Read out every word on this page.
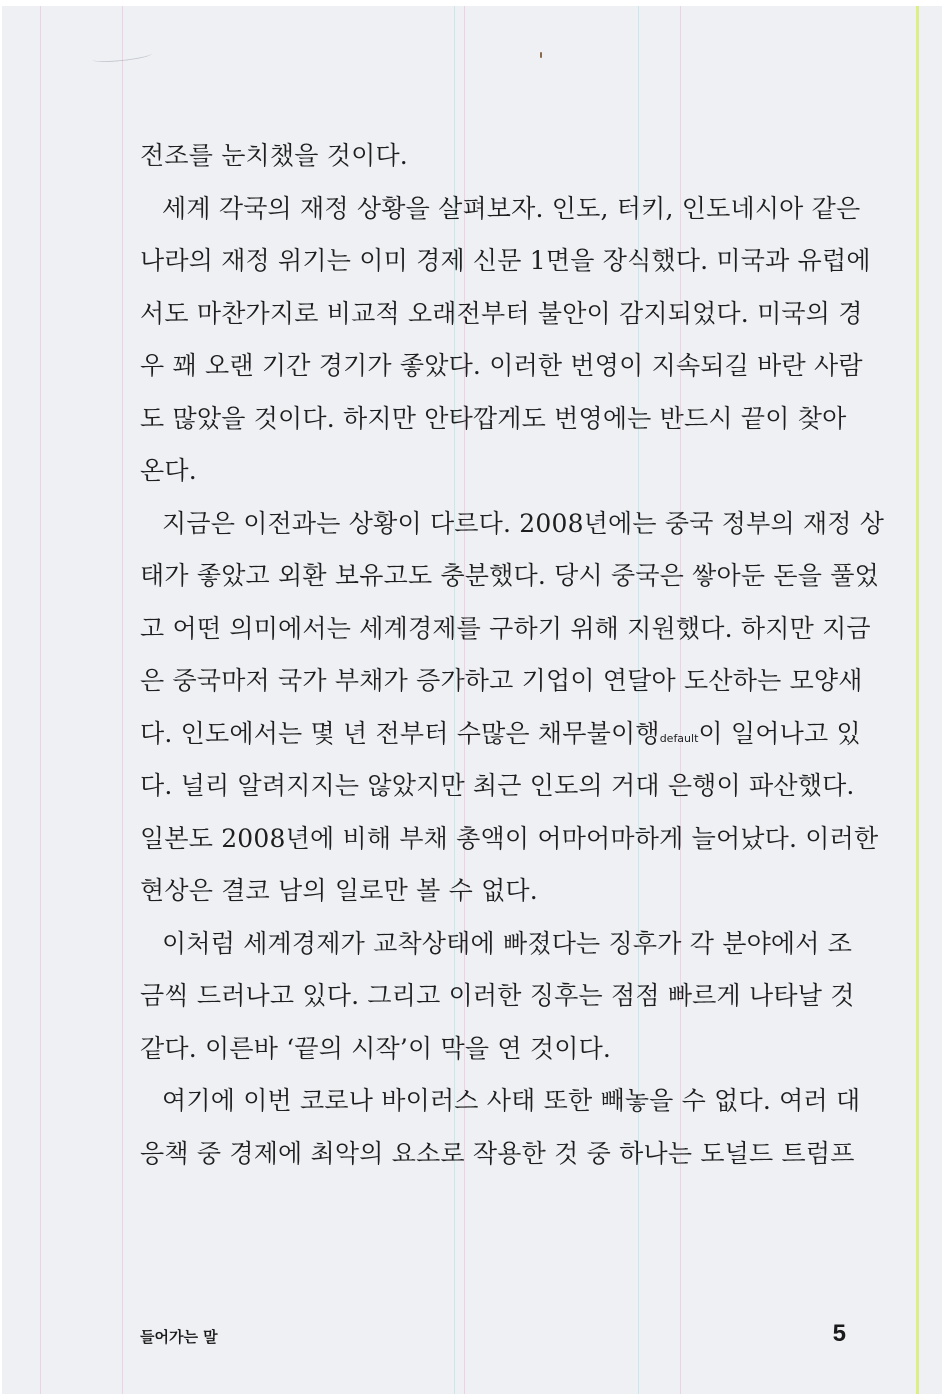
전조를 눈치챘을 것이다.
세계 각국의 재정 상황을 살펴보자. 인도, 터키, 인도네시아 같은
나라의 재정 위기는 이미 경제 신문 1면을 장식했다. 미국과 유럽에
서도 마찬가지로 비교적 오래전부터 불안이 감지되었다. 미국의 경
우 꽤 오랜 기간 경기가 좋았다. 이러한 번영이 지속되길 바란 사람
도 많았을 것이다. 하지만 안타깝게도 번영에는 반드시 끝이 찾아
온다.
지금은 이전과는 상황이 다르다. 2008년에는 중국 정부의 재정 상
태가 좋았고 외환 보유고도 충분했다. 당시 중국은 쌓아둔 돈을 풀었
고 어떤 의미에서는 세계경제를 구하기 위해 지원했다. 하지만 지금
은 중국마저 국가 부채가 증가하고 기업이 연달아 도산하는 모양새
다. 인도에서는 몇 년 전부터 수많은 채무불이행default이 일어나고 있
다. 널리 알려지지는 않았지만 최근 인도의 거대 은행이 파산했다.
일본도 2008년에 비해 부채 총액이 어마어마하게 늘어났다. 이러한
현상은 결코 남의 일로만 볼 수 없다.
이처럼 세계경제가 교착상태에 빠졌다는 징후가 각 분야에서 조
금씩 드러나고 있다. 그리고 이러한 징후는 점점 빠르게 나타날 것
같다. 이른바 ‘끝의 시작’이 막을 연 것이다.
여기에 이번 코로나 바이러스 사태 또한 빼놓을 수 없다. 여러 대
응책 중 경제에 최악의 요소로 작용한 것 중 하나는 도널드 트럼프
들어가는 말	5
